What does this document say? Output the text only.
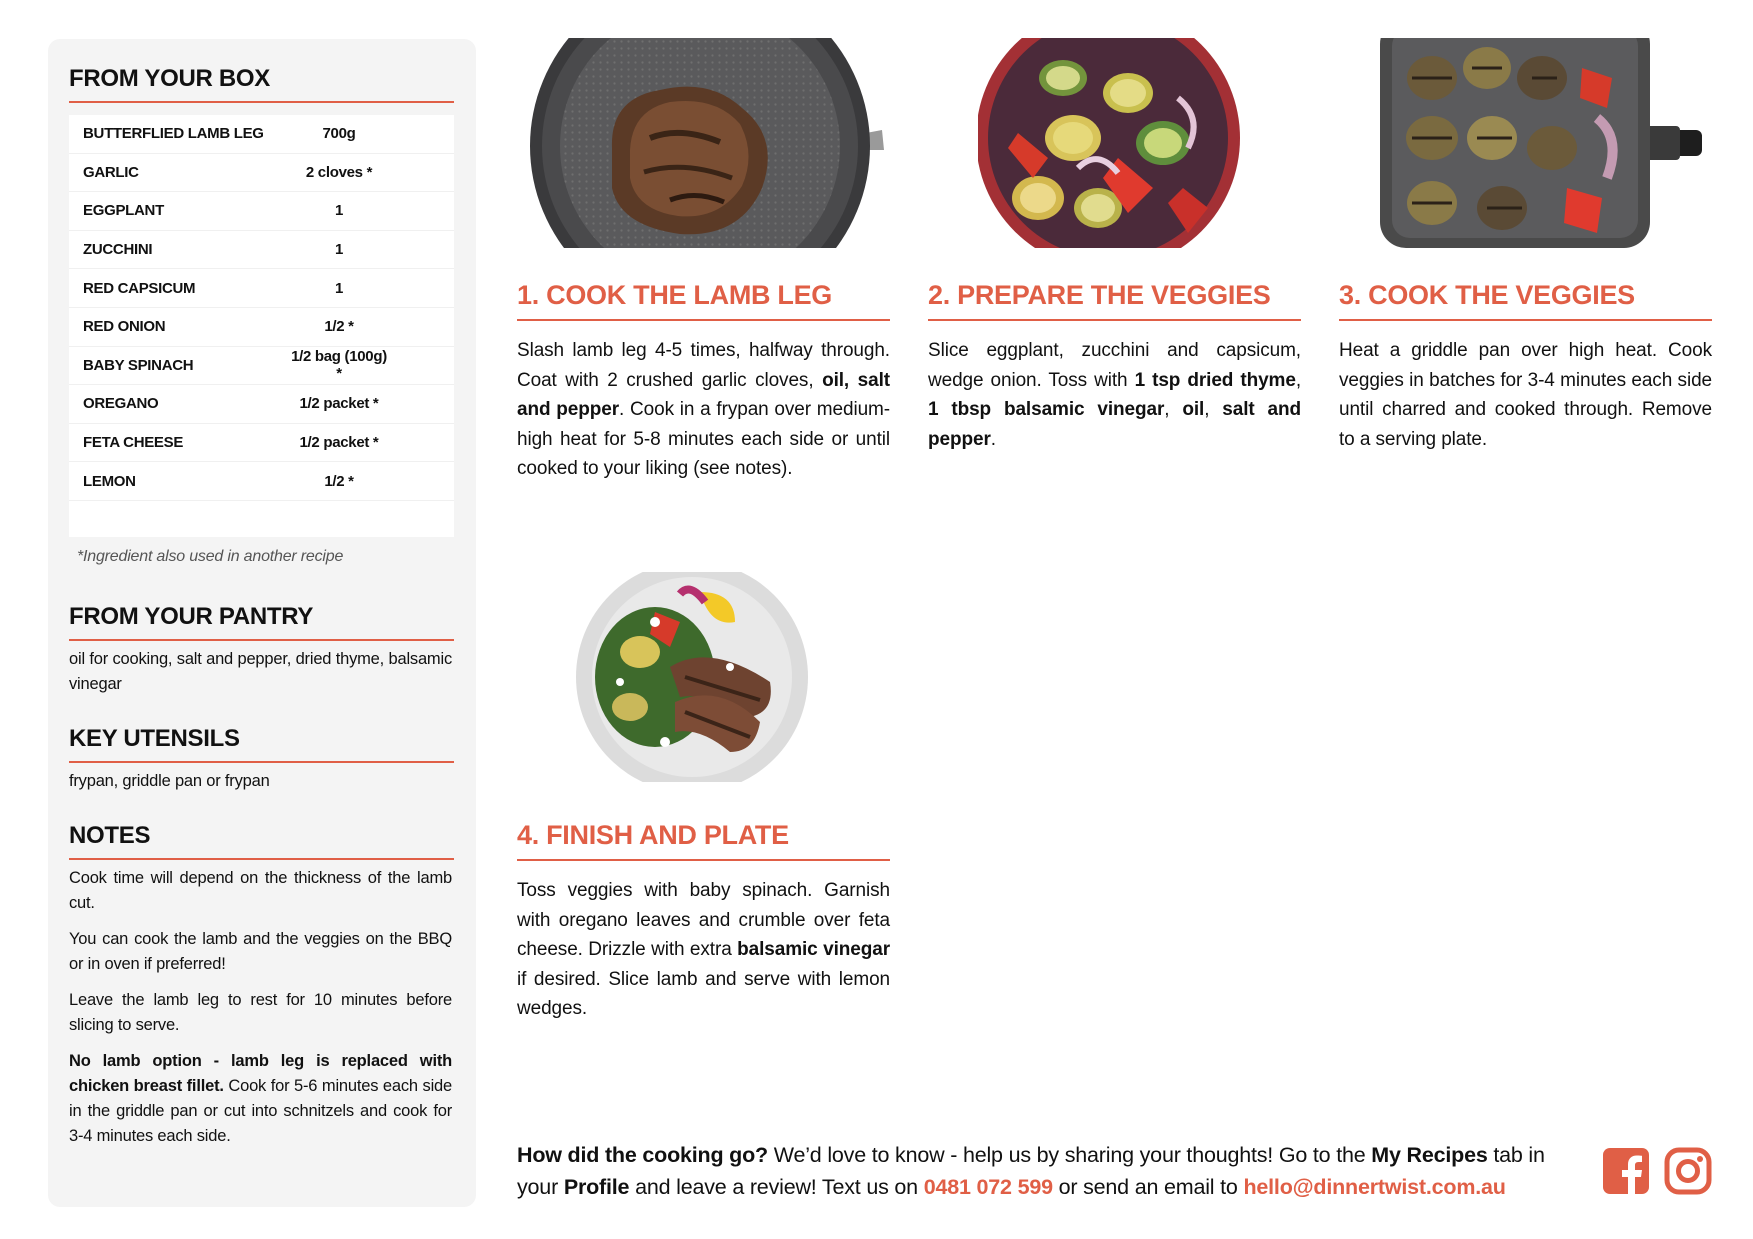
FROM YOUR BOX
BUTTERFLIED LAMB LEG	700g
GARLIC	2 cloves *
EGGPLANT	1
ZUCCHINI	1
RED CAPSICUM	1
RED ONION	1/2 *
BABY SPINACH	1/2 bag (100g) *
OREGANO	1/2 packet *
FETA CHEESE	1/2 packet *
LEMON	1/2 *
*Ingredient also used in another recipe
FROM YOUR PANTRY
oil for cooking, salt and pepper, dried thyme, balsamic vinegar
KEY UTENSILS
frypan, griddle pan or frypan
NOTES

Cook time will depend on the thickness of the lamb cut.

You can cook the lamb and the veggies on the BBQ or in oven if preferred!

Leave the lamb leg to rest for 10 minutes before slicing to serve.

No lamb option - lamb leg is replaced with chicken breast fillet. Cook for 5-6 minutes each side in the griddle pan or cut into schnitzels and cook for 3-4 minutes each side.

1. COOK THE LAMB LEG
Slash lamb leg 4-5 times, halfway through. Coat with 2 crushed garlic cloves, oil, salt and pepper. Cook in a frypan over medium-high heat for 5-8 minutes each side or until cooked to your liking (see notes).
2. PREPARE THE VEGGIES
Slice eggplant, zucchini and capsicum, wedge onion. Toss with 1 tsp dried thyme, 1 tbsp balsamic vinegar, oil, salt and pepper.
3. COOK THE VEGGIES
Heat a griddle pan over high heat. Cook veggies in batches for 3-4 minutes each side until charred and cooked through. Remove to a serving plate.
4. FINISH AND PLATE
Toss veggies with baby spinach. Garnish with oregano leaves and crumble over feta cheese. Drizzle with extra balsamic vinegar if desired. Slice lamb and serve with lemon wedges.
How did the cooking go? We’d love to know - help us by sharing your thoughts! Go to the My Recipes tab in your Profile and leave a review! Text us on 0481 072 599 or send an email to hello@dinnertwist.com.au
